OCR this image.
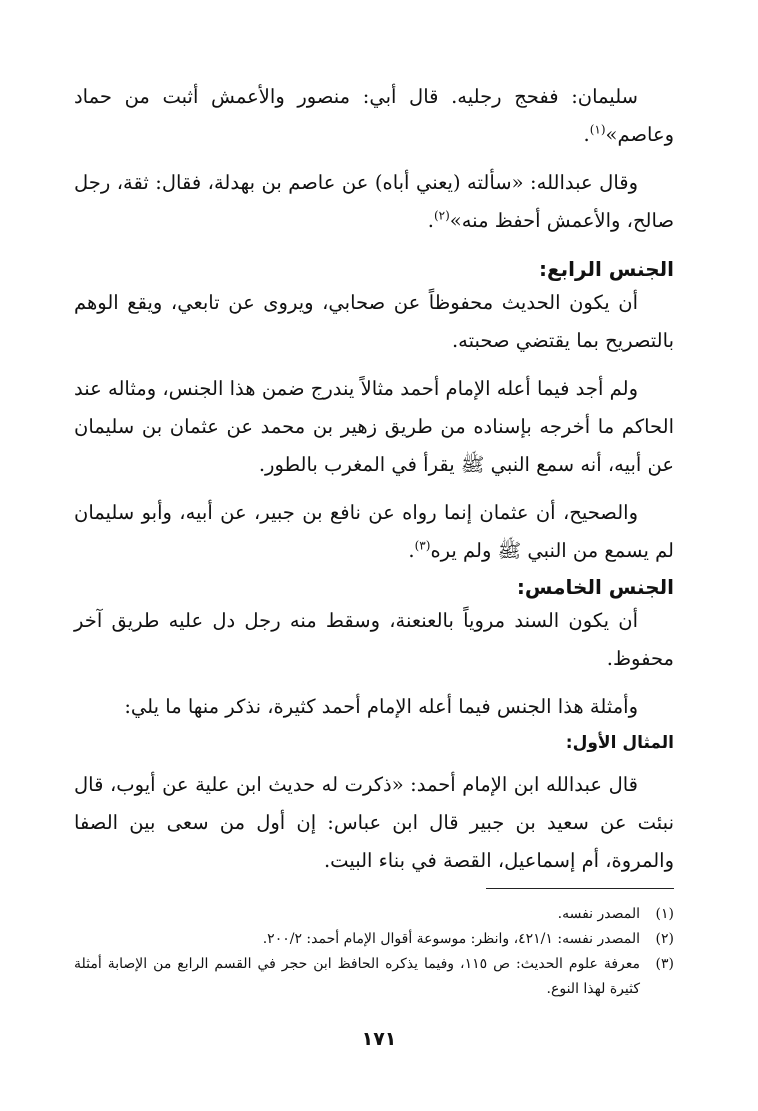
سليمان: ففحج رجليه. قال أبي: منصور والأعمش أثبت من حماد وعاصم»$^{(١)}$.

وقال عبدالله: «سألته (يعني أباه) عن عاصم بن بهدلة، فقال: ثقة، رجل صالح، والأعمش أحفظ منه»$^{(٢)}$.

الجنس الرابع:

أن يكون الحديث محفوظاً عن صحابي، ويروى عن تابعي، ويقع الوهم بالتصريح بما يقتضي صحبته.

ولم أجد فيما أعله الإمام أحمد مثالاً يندرج ضمن هذا الجنس، ومثاله عند الحاكم ما أخرجه بإسناده من طريق زهير بن محمد عن عثمان بن سليمان عن أبيه، أنه سمع النبي ﷺ يقرأ في المغرب بالطور.

والصحيح، أن عثمان إنما رواه عن نافع بن جبير، عن أبيه، وأبو سليمان لم يسمع من النبي ﷺ ولم يره$^{(٣)}$.

الجنس الخامس:

أن يكون السند مروياً بالعنعنة، وسقط منه رجل دل عليه طريق آخر محفوظ.

وأمثلة هذا الجنس فيما أعله الإمام أحمد كثيرة، نذكر منها ما يلي:

المثال الأول:

قال عبدالله ابن الإمام أحمد: «ذكرت له حديث ابن علية عن أيوب، قال نبئت عن سعيد بن جبير قال ابن عباس: إن أول من سعى بين الصفا والمروة، أم إسماعيل، القصة في بناء البيت.

(١)
المصدر نفسه.
(٢)
المصدر نفسه: ٤٢١/١، وانظر: موسوعة أقوال الإمام أحمد: ٢٠٠/٢.
(٣)
معرفة علوم الحديث: ص ١١٥، وفيما يذكره الحافظ ابن حجر في القسم الرابع من الإصابة أمثلة كثيرة لهذا النوع.
١٧١
